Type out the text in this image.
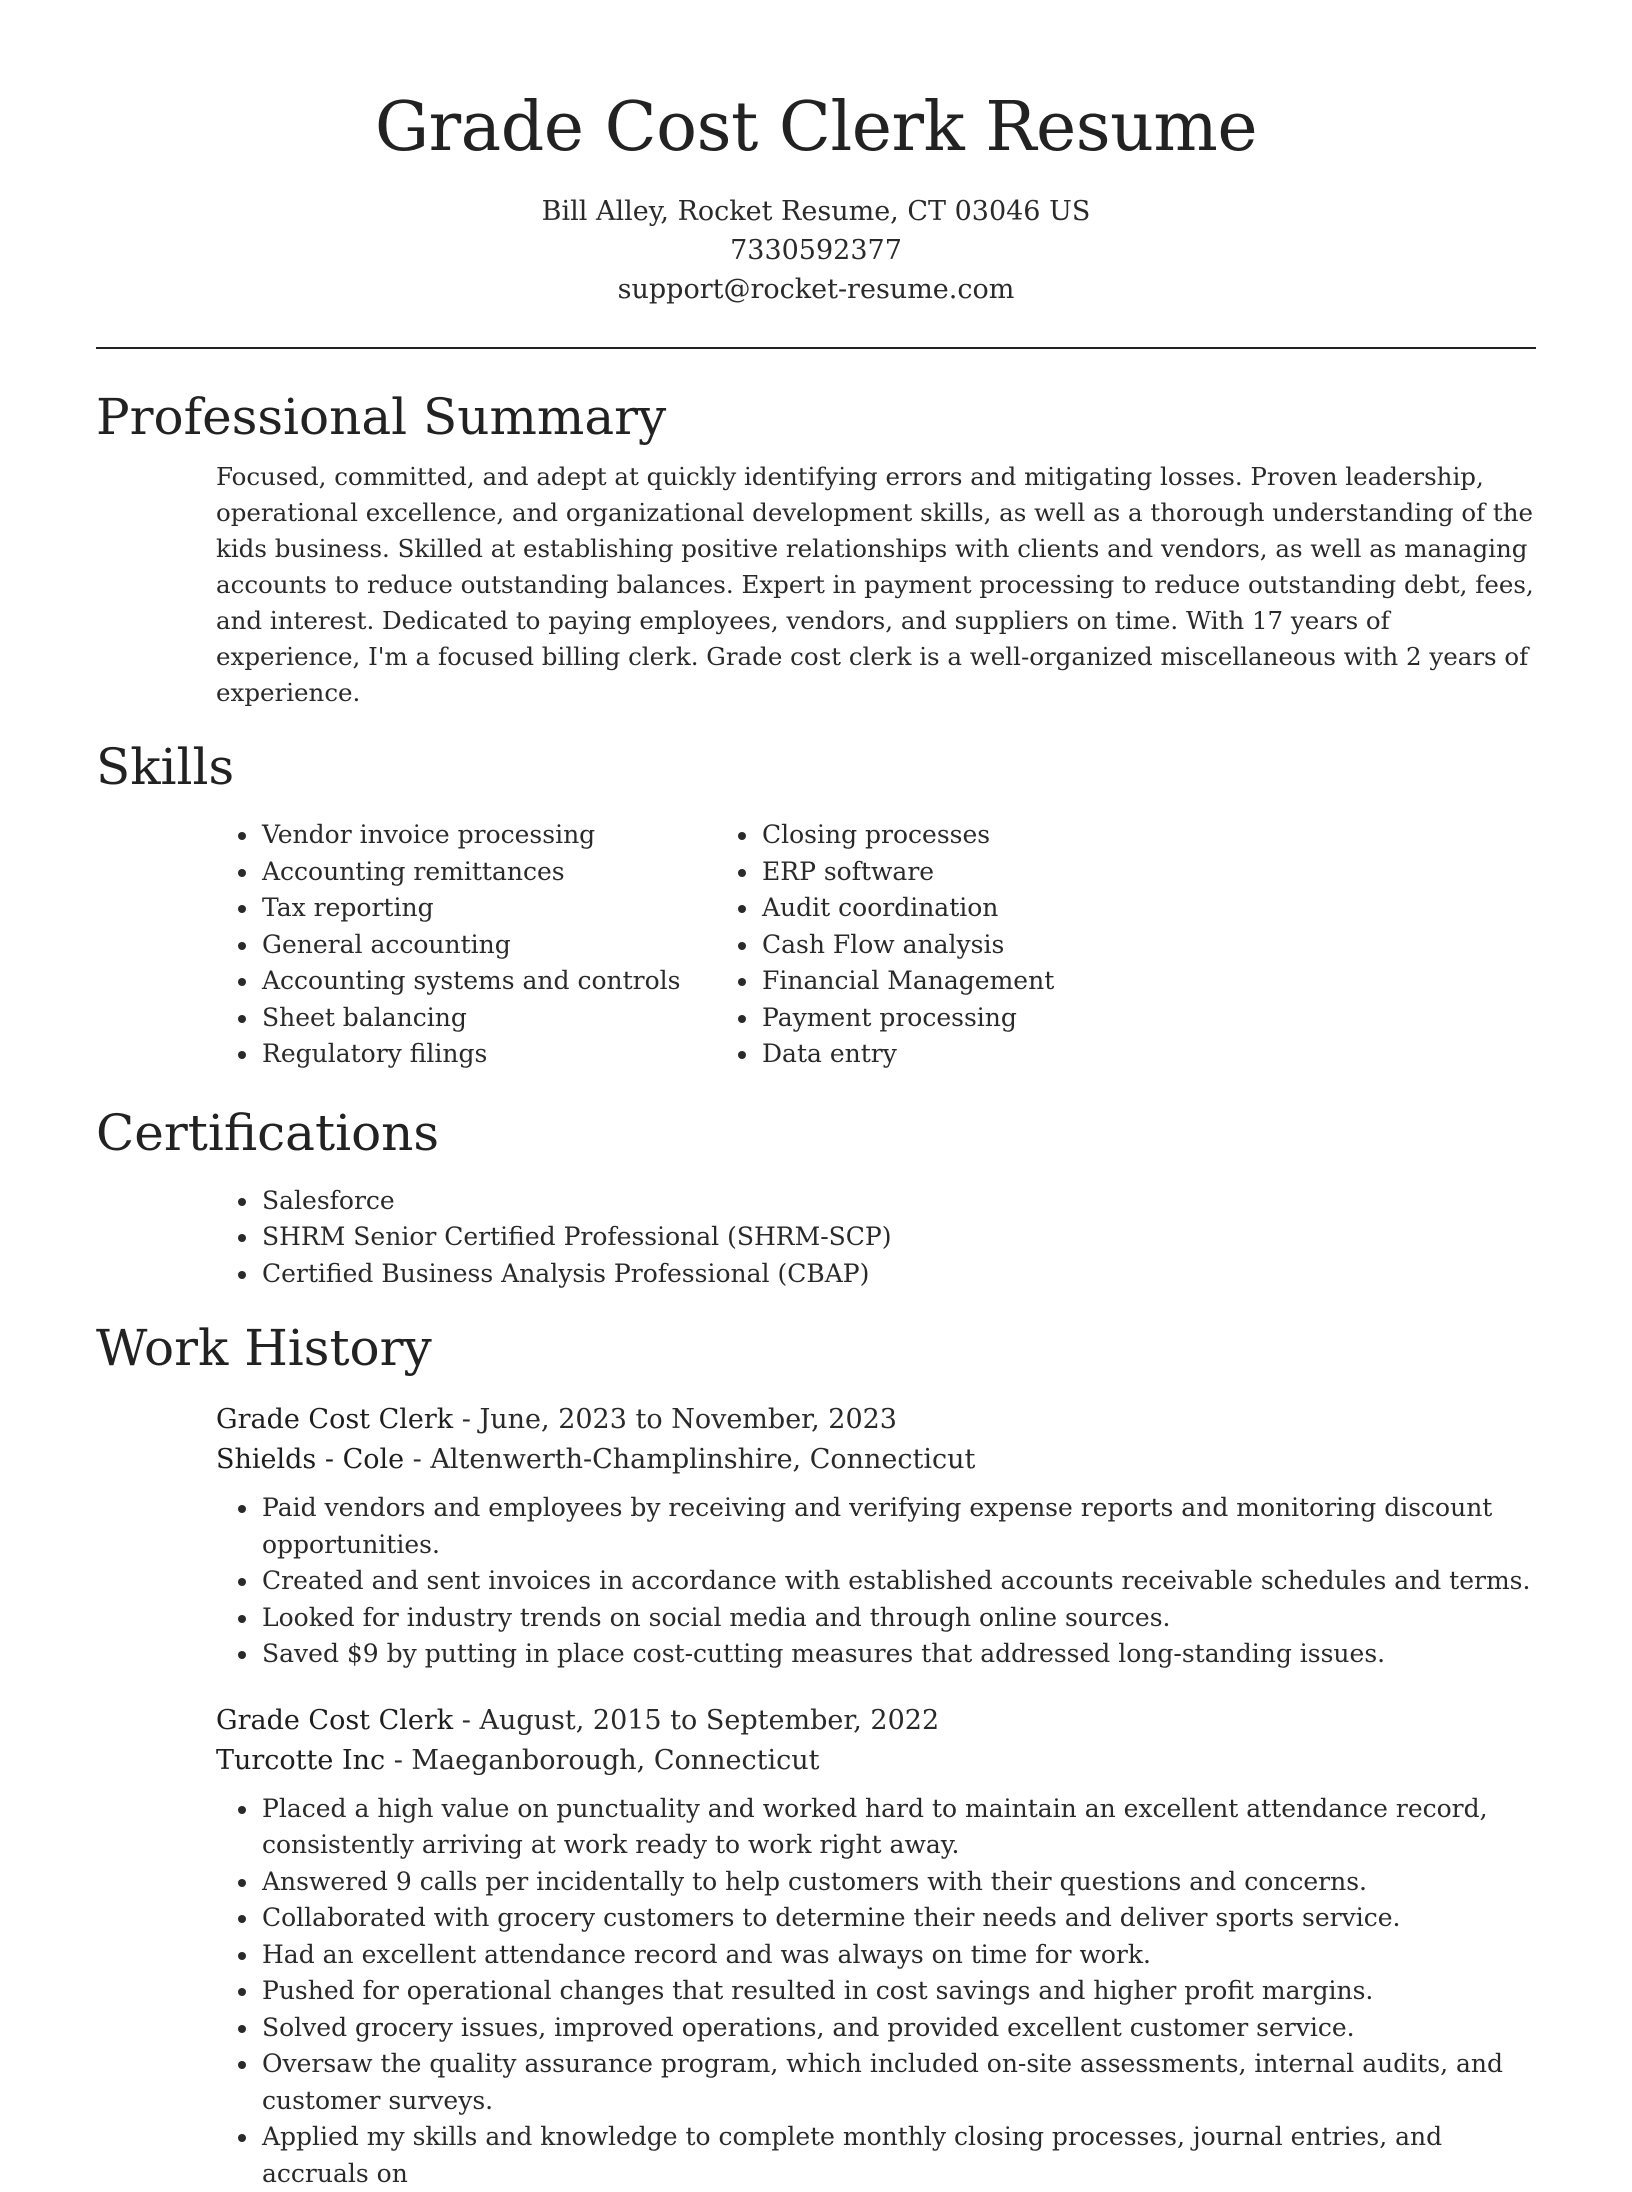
Grade Cost Clerk Resume
Bill Alley, Rocket Resume, CT 03046 US
7330592377
support@rocket-resume.com
Professional Summary

Focused, committed, and adept at quickly identifying errors and mitigating losses. Proven leadership, operational excellence, and organizational development skills, as well as a thorough understanding of the kids business. Skilled at establishing positive relationships with clients and vendors, as well as managing accounts to reduce outstanding balances. Expert in payment processing to reduce outstanding debt, fees, and interest. Dedicated to paying employees, vendors, and suppliers on time. With 17 years of experience, I'm a focused billing clerk. Grade cost clerk is a well-organized miscellaneous with 2 years of experience.

Skills
• Vendor invoice processing
• Accounting remittances
• Tax reporting
• General accounting
• Accounting systems and controls
• Sheet balancing
• Regulatory filings
• Closing processes
• ERP software
• Audit coordination
• Cash Flow analysis
• Financial Management
• Payment processing
• Data entry
Certifications
• Salesforce
• SHRM Senior Certified Professional (SHRM-SCP)
• Certified Business Analysis Professional (CBAP)
Work History
Grade Cost Clerk - June, 2023 to November, 2023
Shields - Cole - Altenwerth-Champlinshire, Connecticut
• Paid vendors and employees by receiving and verifying expense reports and monitoring discount opportunities.
• Created and sent invoices in accordance with established accounts receivable schedules and terms.
• Looked for industry trends on social media and through online sources.
• Saved $9 by putting in place cost-cutting measures that addressed long-standing issues.
Grade Cost Clerk - August, 2015 to September, 2022
Turcotte Inc - Maeganborough, Connecticut
• Placed a high value on punctuality and worked hard to maintain an excellent attendance record, consistently arriving at work ready to work right away.
• Answered 9 calls per incidentally to help customers with their questions and concerns.
• Collaborated with grocery customers to determine their needs and deliver sports service.
• Had an excellent attendance record and was always on time for work.
• Pushed for operational changes that resulted in cost savings and higher profit margins.
• Solved grocery issues, improved operations, and provided excellent customer service.
• Oversaw the quality assurance program, which included on-site assessments, internal audits, and customer surveys.
• Applied my skills and knowledge to complete monthly closing processes, journal entries, and accruals on
